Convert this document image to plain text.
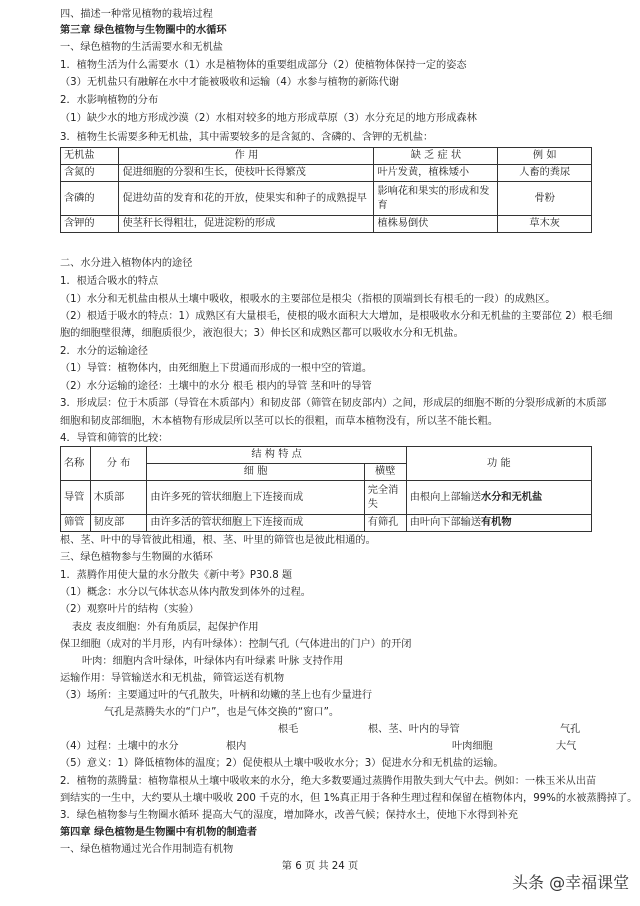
四、描述一种常见植物的栽培过程
第三章 绿色植物与生物圈中的水循环
一、绿色植物的生活需要水和无机盐
1．植物生活为什么需要水（1）水是植物体的重要组成部分（2）使植物体保持一定的姿态
（3）无机盐只有融解在水中才能被吸收和运输（4）水参与植物的新陈代谢
2．水影响植物的分布
（1）缺少水的地方形成沙漠（2）水相对较多的地方形成草原（3）水分充足的地方形成森林
3．植物生长需要多种无机盐，其中需要较多的是含氮的、含磷的、含钾的无机盐：
无机盐	作 用	缺 乏 症 状	例 如
含氮的	促进细胞的分裂和生长，使枝叶长得繁茂	叶片发黄，植株矮小	人畜的粪尿
含磷的	促进幼苗的发育和花的开放，使果实和种子的成熟提早	影响花和果实的形成和发育	骨粉
含钾的	使茎秆长得粗壮，促进淀粉的形成	植株易倒伏	草木灰
二、水分进入植物体内的途径
1．根适合吸水的特点
（1）水分和无机盐由根从土壤中吸收，根吸水的主要部位是根尖（指根的顶端到长有根毛的一段）的成熟区。
（2）根适于吸水的特点：1）成熟区有大量根毛，使根的吸水面积大大增加，是根吸收水分和无机盐的主要部位 2）根毛细
胞的细胞壁很薄，细胞质很少，液泡很大；3）伸长区和成熟区都可以吸收水分和无机盐。
2．水分的运输途径
（1）导管：植物体内，由死细胞上下贯通而形成的一根中空的管道。
（2）水分运输的途径：土壤中的水分 根毛 根内的导管 茎和叶的导管
3．形成层：位于木质部（导管在木质部内）和韧皮部（筛管在韧皮部内）之间，形成层的细胞不断的分裂形成新的木质部
细胞和韧皮部细胞，木本植物有形成层所以茎可以长的很粗，而草本植物没有，所以茎不能长粗。
4．导管和筛管的比较：
名称	分 布	结 构 特 点		功 能
		细 胞	横壁	
导管	木质部	由许多死的管状细胞上下连接而成	完全消失	由根向上部输送水分和无机盐
筛管	韧皮部	由许多活的管状细胞上下连接而成	有筛孔	由叶向下部输送有机物
根、茎、叶中的导管彼此相通，根、茎、叶里的筛管也是彼此相通的。
三、绿色植物参与生物圈的水循环
1．蒸腾作用使大量的水分散失《新中考》P30.8 题
（1）概念：水分以气体状态从体内散发到体外的过程。
（2）观察叶片的结构（实验）
表皮 表皮细胞：外有角质层，起保护作用
保卫细胞（成对的半月形，内有叶绿体）：控制气孔（气体进出的门户）的开闭
叶肉：细胞内含叶绿体，叶绿体内有叶绿素 叶脉 支持作用
运输作用：导管输送水和无机盐，筛管运送有机物
（3）场所：主要通过叶的气孔散失，叶柄和幼嫩的茎上也有少量进行
气孔是蒸腾失水的“门户”，也是气体交换的“窗口”。
根毛	根、茎、叶内的导管	气孔
（4）过程：土壤中的水分	根内	叶肉细胞	大气
（5）意义：1）降低植物体的温度；2）促使根从土壤中吸收水分；3）促进水分和无机盐的运输。
2．植物的蒸腾量：植物靠根从土壤中吸收来的水分，绝大多数要通过蒸腾作用散失到大气中去。例如：一株玉米从出苗
到结实的一生中，大约要从土壤中吸收 200 千克的水，但 1%真正用于各种生理过程和保留在植物体内，99%的水被蒸腾掉了。
3．绿色植物参与生物圈水循环 提高大气的湿度，增加降水，改善气候；保持水土，使地下水得到补充
第四章 绿色植物是生物圈中有机物的制造者
一、绿色植物通过光合作用制造有机物
第 6 页 共 24 页
头条 @幸福课堂
